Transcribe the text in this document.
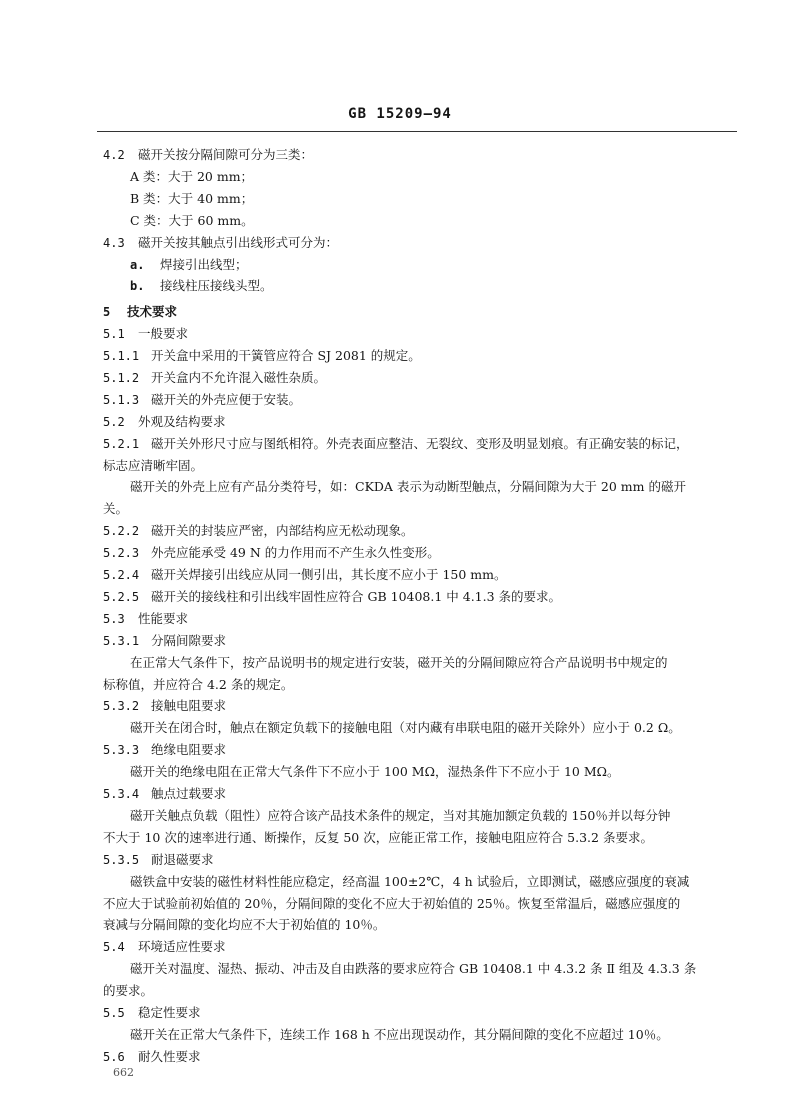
GB 15209—94
4.2 磁开关按分隔间隙可分为三类：
A 类：大于 20 mm；
B 类：大于 40 mm；
C 类：大于 60 mm。
4.3 磁开关按其触点引出线形式可分为：
a. 焊接引出线型；
b. 接线柱压接线头型。
5 技术要求
5.1 一般要求
5.1.1 开关盒中采用的干簧管应符合 SJ 2081 的规定。
5.1.2 开关盒内不允许混入磁性杂质。
5.1.3 磁开关的外壳应便于安装。
5.2 外观及结构要求
5.2.1 磁开关外形尺寸应与图纸相符。外壳表面应整洁、无裂纹、变形及明显划痕。有正确安装的标记，
标志应清晰牢固。
磁开关的外壳上应有产品分类符号，如：CKDA 表示为动断型触点，分隔间隙为大于 20 mm 的磁开
关。
5.2.2 磁开关的封装应严密，内部结构应无松动现象。
5.2.3 外壳应能承受 49 N 的力作用而不产生永久性变形。
5.2.4 磁开关焊接引出线应从同一侧引出，其长度不应小于 150 mm。
5.2.5 磁开关的接线柱和引出线牢固性应符合 GB 10408.1 中 4.1.3 条的要求。
5.3 性能要求
5.3.1 分隔间隙要求
在正常大气条件下，按产品说明书的规定进行安装，磁开关的分隔间隙应符合产品说明书中规定的
标称值，并应符合 4.2 条的规定。
5.3.2 接触电阻要求
磁开关在闭合时，触点在额定负载下的接触电阻（对内藏有串联电阻的磁开关除外）应小于 0.2 Ω。
5.3.3 绝缘电阻要求
磁开关的绝缘电阻在正常大气条件下不应小于 100 MΩ，湿热条件下不应小于 10 MΩ。
5.3.4 触点过载要求
磁开关触点负载（阻性）应符合该产品技术条件的规定，当对其施加额定负载的 150％并以每分钟
不大于 10 次的速率进行通、断操作，反复 50 次，应能正常工作，接触电阻应符合 5.3.2 条要求。
5.3.5 耐退磁要求
磁铁盒中安装的磁性材料性能应稳定，经高温 100±2℃，4 h 试验后，立即测试，磁感应强度的衰减
不应大于试验前初始值的 20％，分隔间隙的变化不应大于初始值的 25％。恢复至常温后，磁感应强度的
衰减与分隔间隙的变化均应不大于初始值的 10％。
5.4 环境适应性要求
磁开关对温度、湿热、振动、冲击及自由跌落的要求应符合 GB 10408.1 中 4.3.2 条 Ⅱ 组及 4.3.3 条
的要求。
662
5.5 稳定性要求
磁开关在正常大气条件下，连续工作 168 h 不应出现误动作，其分隔间隙的变化不应超过 10％。
5.6 耐久性要求
